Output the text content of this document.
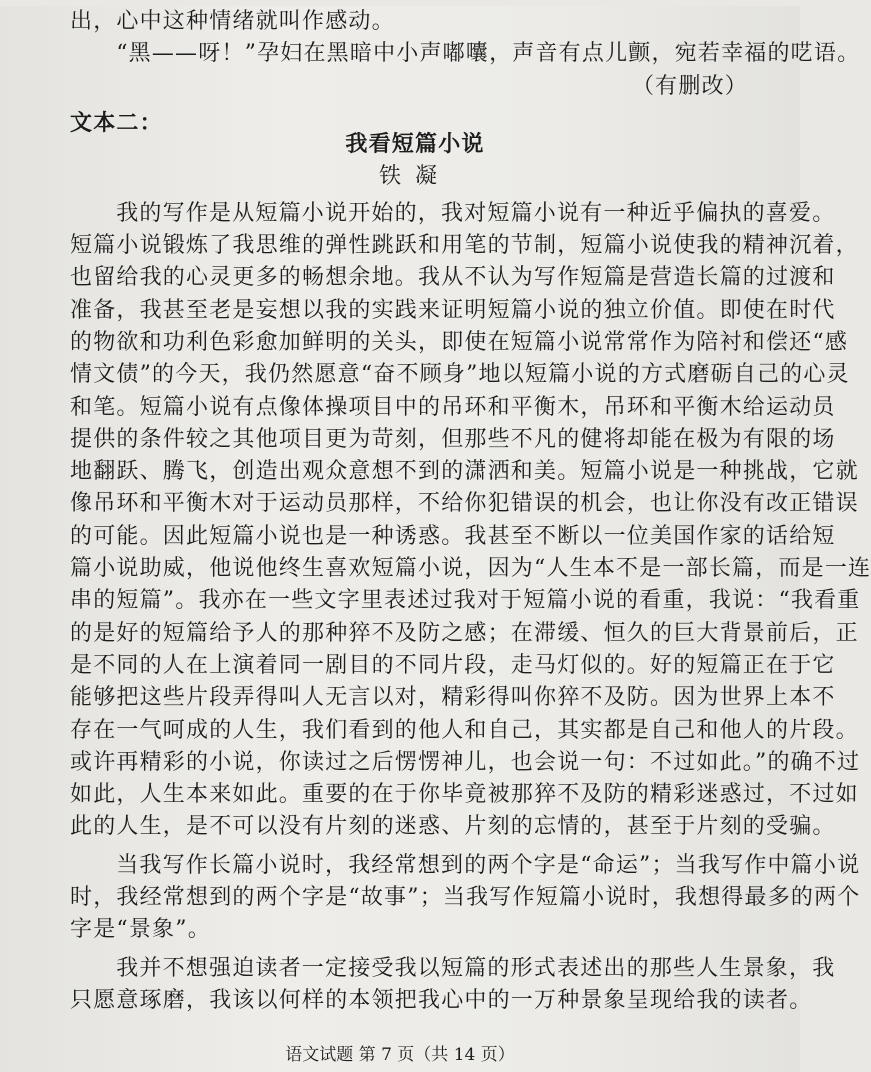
出，心中这种情绪就叫作感动。
“黑——呀！”孕妇在黑暗中小声嘟囔，声音有点儿颤，宛若幸福的呓语。
（有删改）
文本二：
我看短篇小说
铁凝
我的写作是从短篇小说开始的，我对短篇小说有一种近乎偏执的喜爱。
短篇小说锻炼了我思维的弹性跳跃和用笔的节制，短篇小说使我的精神沉着，
也留给我的心灵更多的畅想余地。我从不认为写作短篇是营造长篇的过渡和
准备，我甚至老是妄想以我的实践来证明短篇小说的独立价值。即使在时代
的物欲和功利色彩愈加鲜明的关头，即使在短篇小说常常作为陪衬和偿还“感
情文债”的今天，我仍然愿意“奋不顾身”地以短篇小说的方式磨砺自己的心灵
和笔。短篇小说有点像体操项目中的吊环和平衡木，吊环和平衡木给运动员
提供的条件较之其他项目更为苛刻，但那些不凡的健将却能在极为有限的场
地翻跃、腾飞，创造出观众意想不到的潇洒和美。短篇小说是一种挑战，它就
像吊环和平衡木对于运动员那样，不给你犯错误的机会，也让你没有改正错误
的可能。因此短篇小说也是一种诱惑。我甚至不断以一位美国作家的话给短
篇小说助威，他说他终生喜欢短篇小说，因为“人生本不是一部长篇，而是一连
串的短篇”。我亦在一些文字里表述过我对于短篇小说的看重，我说：“我看重
的是好的短篇给予人的那种猝不及防之感；在滞缓、恒久的巨大背景前后，正
是不同的人在上演着同一剧目的不同片段，走马灯似的。好的短篇正在于它
能够把这些片段弄得叫人无言以对，精彩得叫你猝不及防。因为世界上本不
存在一气呵成的人生，我们看到的他人和自己，其实都是自己和他人的片段。
或许再精彩的小说，你读过之后愣愣神儿，也会说一句：不过如此。”的确不过
如此，人生本来如此。重要的在于你毕竟被那猝不及防的精彩迷惑过，不过如
此的人生，是不可以没有片刻的迷惑、片刻的忘情的，甚至于片刻的受骗。
当我写作长篇小说时，我经常想到的两个字是“命运”；当我写作中篇小说
时，我经常想到的两个字是“故事”；当我写作短篇小说时，我想得最多的两个
字是“景象”。
我并不想强迫读者一定接受我以短篇的形式表述出的那些人生景象，我
只愿意琢磨，我该以何样的本领把我心中的一万种景象呈现给我的读者。
语文试题 第 7 页（共 14 页）
